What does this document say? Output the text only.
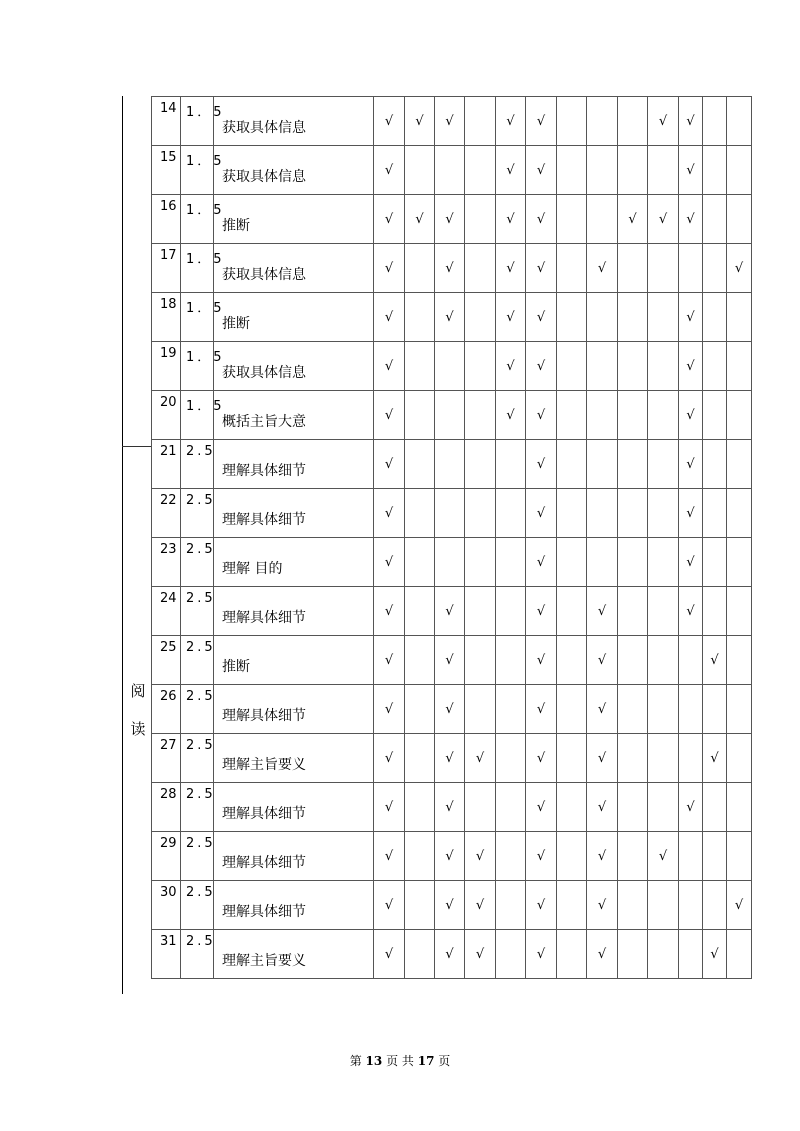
阅
读
14	1．5	获取具体信息	√	√	√		√	√				√	√		

15	1．5	获取具体信息	√				√	√					√		

16	1．5	推断	√	√	√		√	√			√	√	√		

17	1．5	获取具体信息	√		√		√	√		√					√

18	1．5	推断	√		√		√	√					√		

19	1．5	获取具体信息	√				√	√					√		

20	1．5	概括主旨大意	√				√	√					√		

21	2.5	理解具体细节	√					√					√		

22	2.5	理解具体细节	√					√					√		

23	2.5	理解 目的	√					√					√		

24	2.5	理解具体细节	√		√			√		√			√		

25	2.5	推断	√		√			√		√				√	

26	2.5	理解具体细节	√		√			√		√					

27	2.5	理解主旨要义	√		√	√		√		√				√	

28	2.5	理解具体细节	√		√			√		√			√		

29	2.5	理解具体细节	√		√	√		√		√		√			

30	2.5	理解具体细节	√		√	√		√		√					√

31	2.5	理解主旨要义	√		√	√		√		√				√	
第 13 页 共 17 页
